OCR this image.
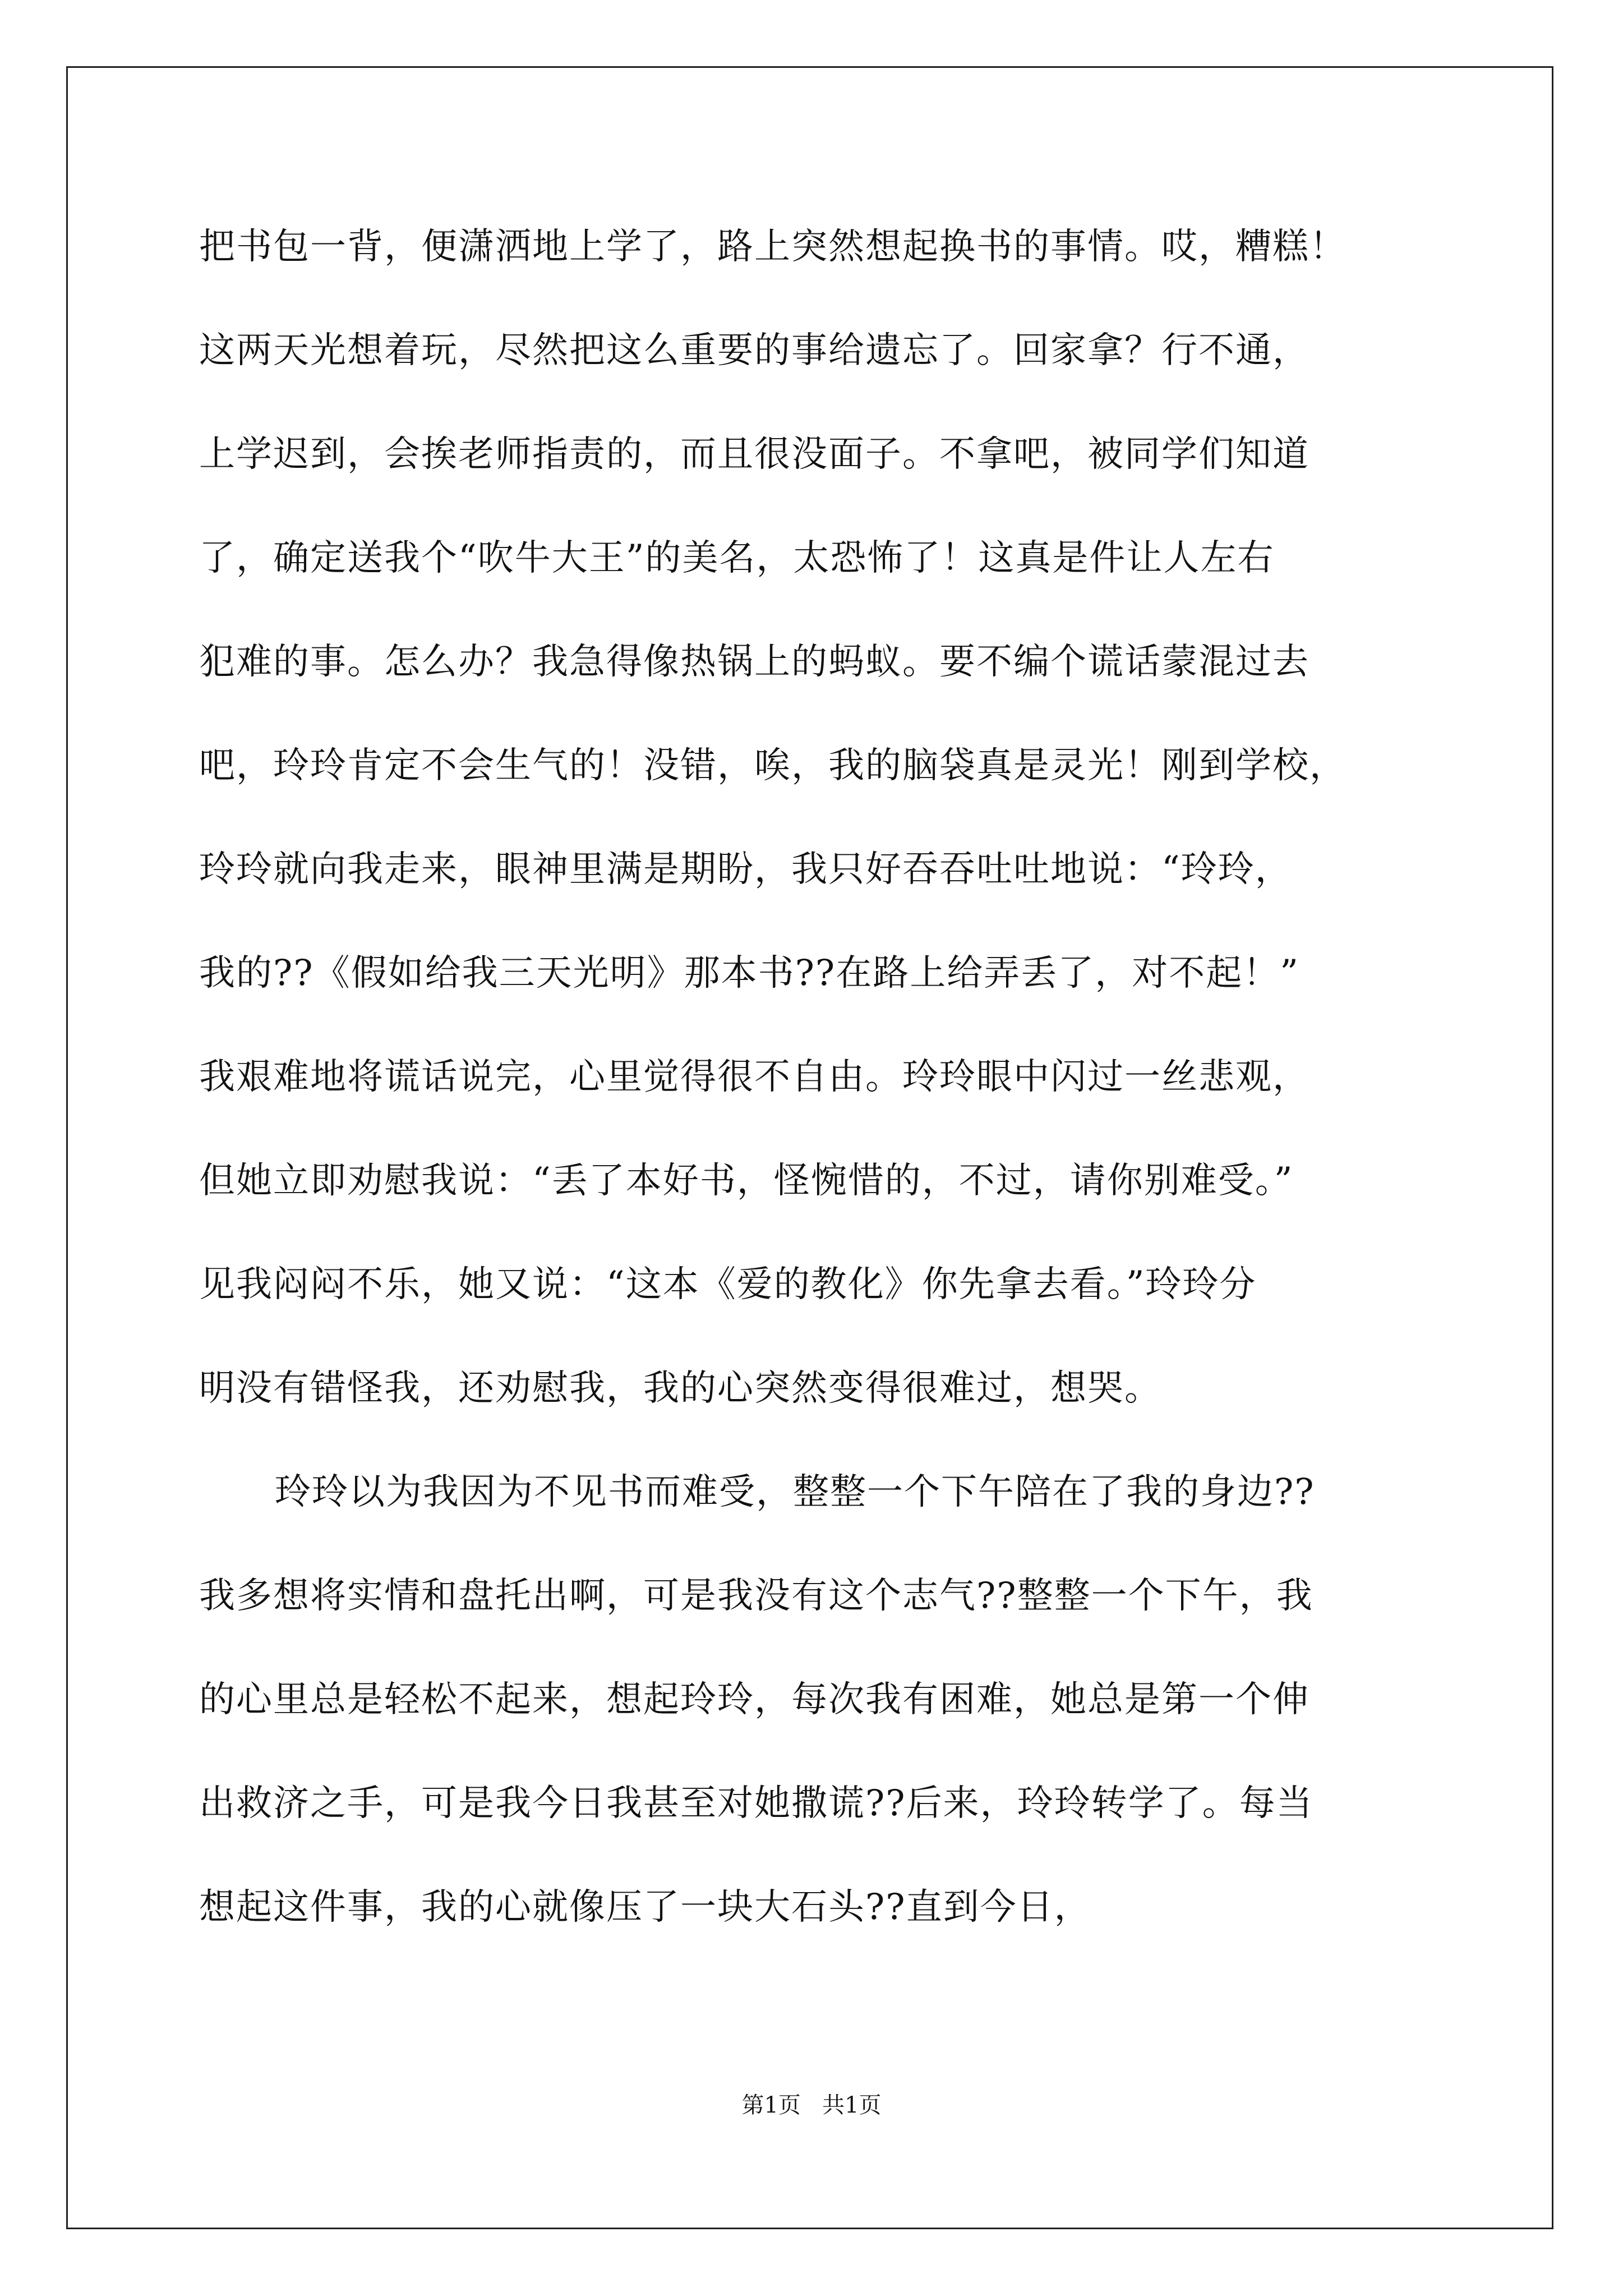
把书包一背，便潇洒地上学了，路上突然想起换书的事情。哎，糟糕！
这两天光想着玩，尽然把这么重要的事给遗忘了。回家拿？行不通，
上学迟到，会挨老师指责的，而且很没面子。不拿吧，被同学们知道
了，确定送我个“吹牛大王”的美名，太恐怖了！这真是件让人左右
犯难的事。怎么办？我急得像热锅上的蚂蚁。要不编个谎话蒙混过去
吧，玲玲肯定不会生气的！没错，唉，我的脑袋真是灵光！刚到学校，
玲玲就向我走来，眼神里满是期盼，我只好吞吞吐吐地说：“玲玲，
我的??《假如给我三天光明》那本书??在路上给弄丢了，对不起！”
我艰难地将谎话说完，心里觉得很不自由。玲玲眼中闪过一丝悲观，
但她立即劝慰我说：“丢了本好书，怪惋惜的，不过，请你别难受。”
见我闷闷不乐，她又说：“这本《爱的教化》你先拿去看。”玲玲分
明没有错怪我，还劝慰我，我的心突然变得很难过，想哭。
玲玲以为我因为不见书而难受，整整一个下午陪在了我的身边??
我多想将实情和盘托出啊，可是我没有这个志气??整整一个下午，我
的心里总是轻松不起来，想起玲玲，每次我有困难，她总是第一个伸
出救济之手，可是我今日我甚至对她撒谎??后来，玲玲转学了。每当
想起这件事，我的心就像压了一块大石头??直到今日，
第1页   共1页
